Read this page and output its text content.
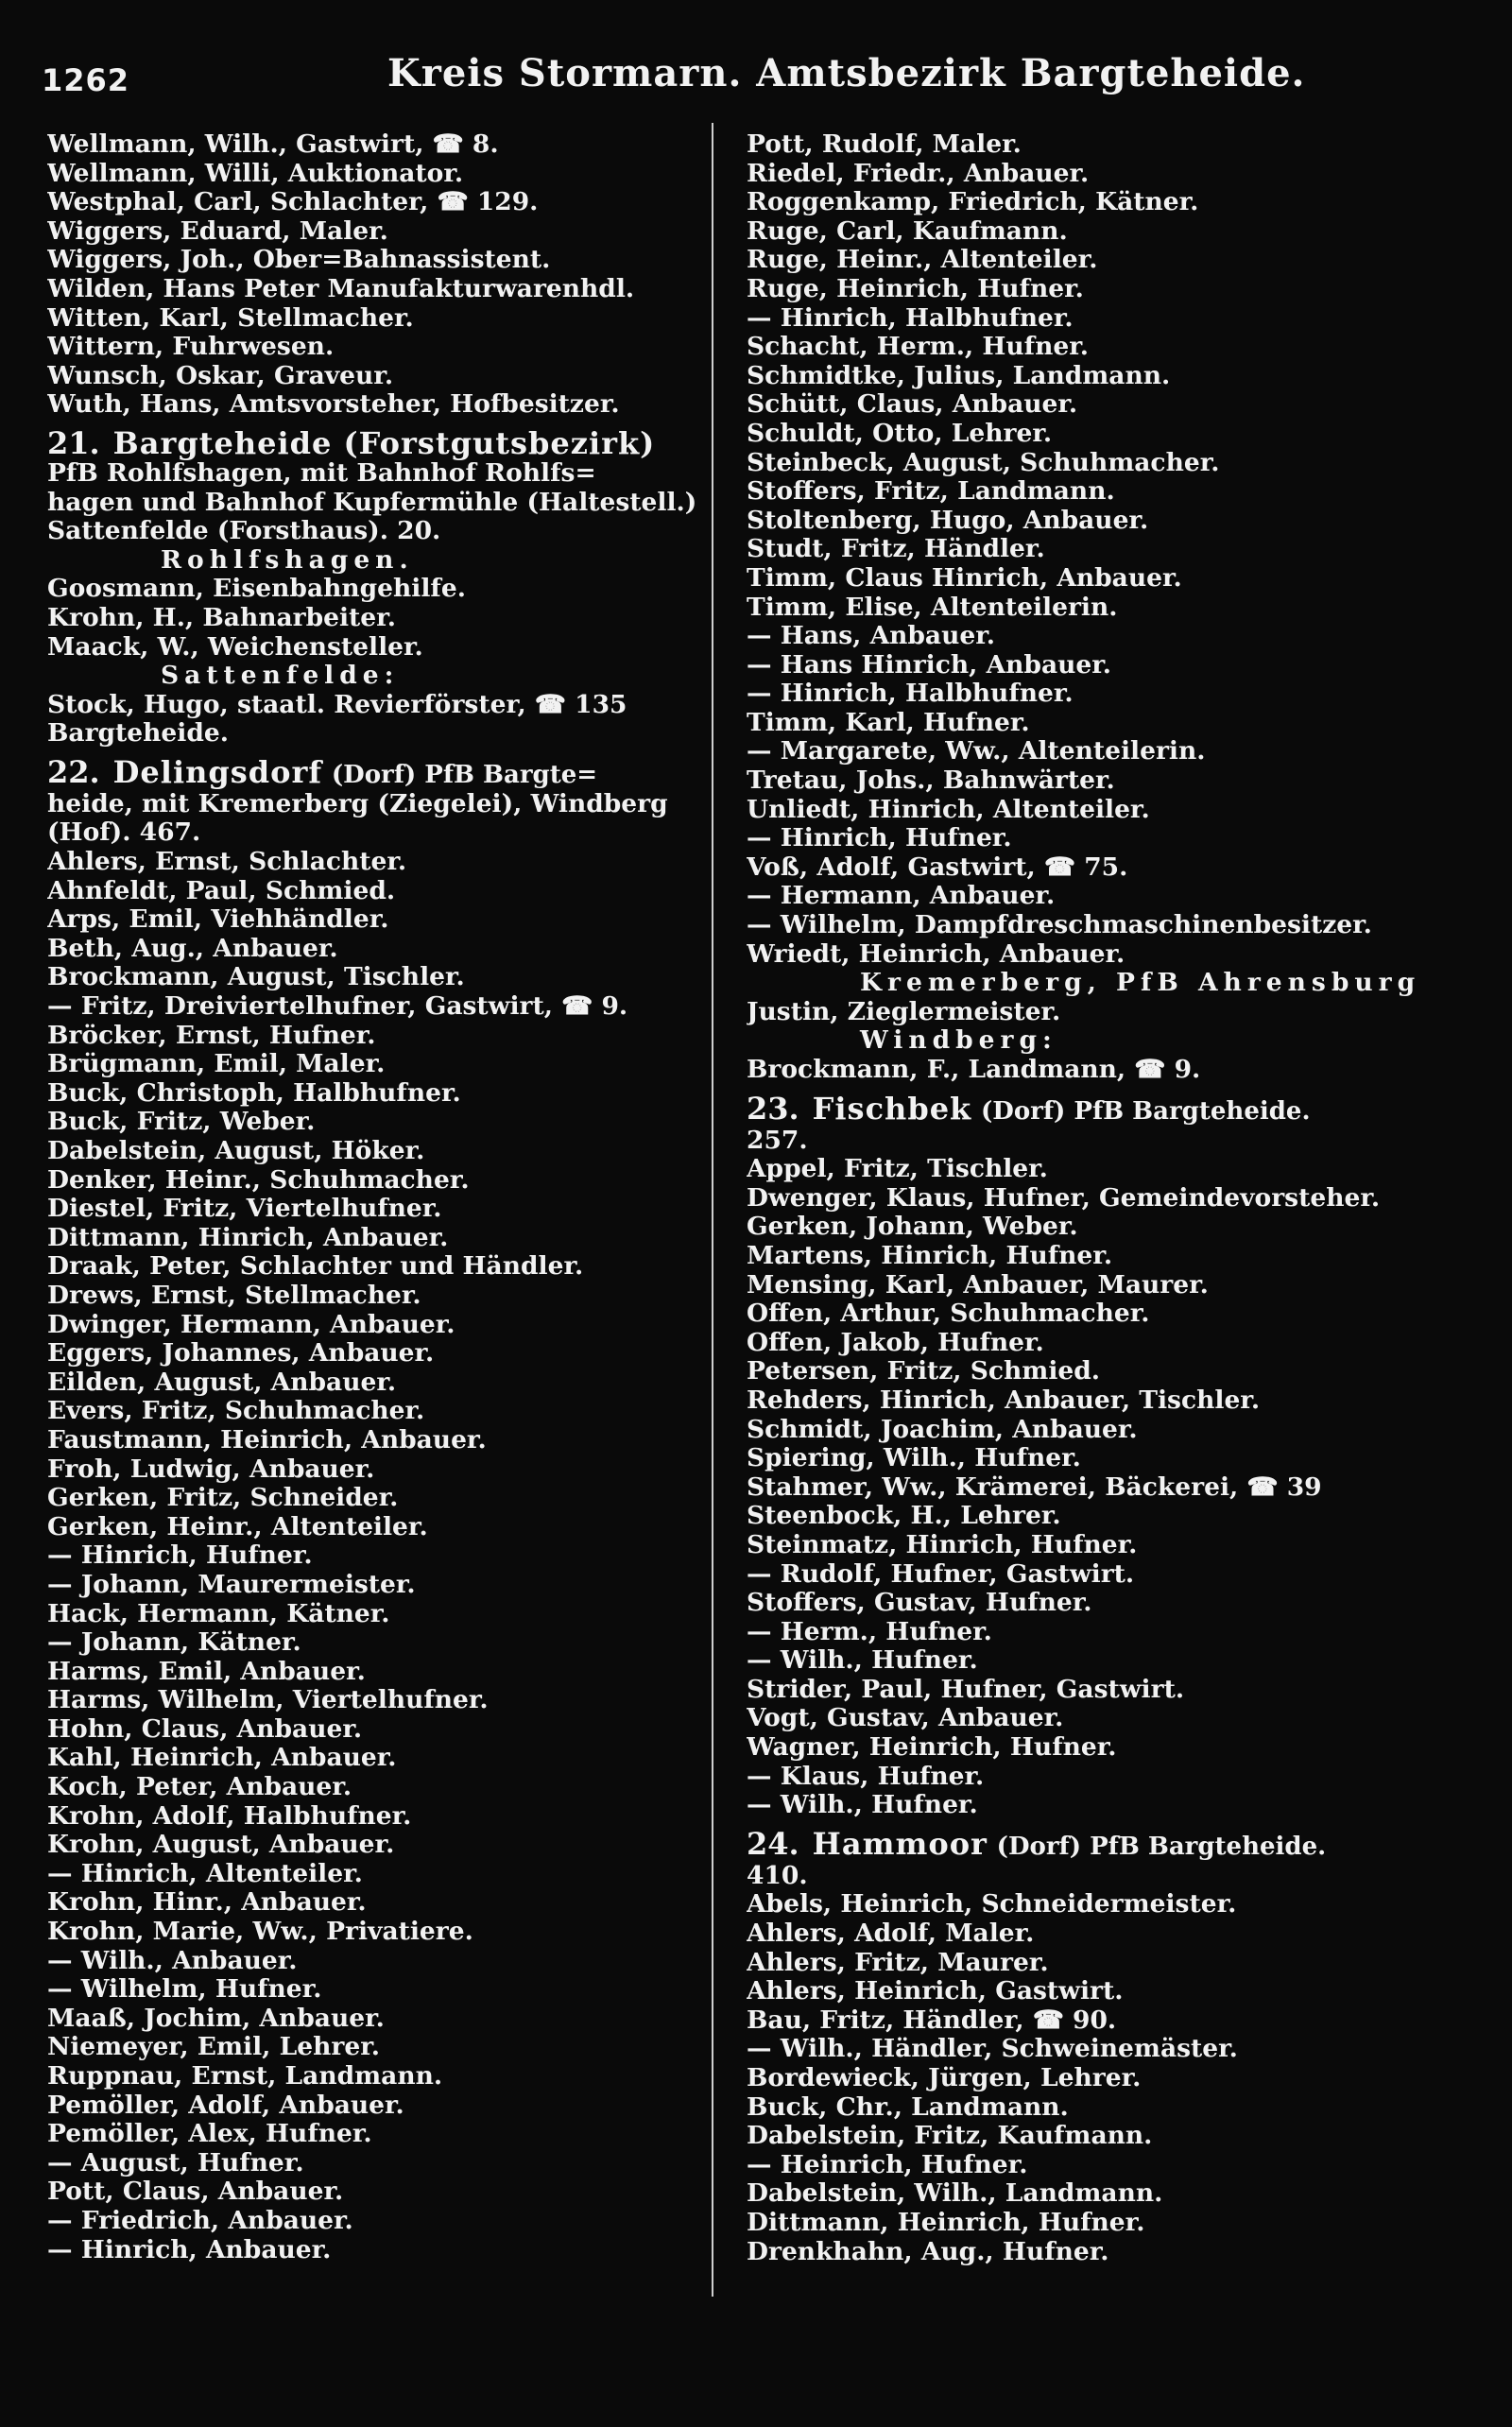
1262	Kreis Stormarn. Amtsbezirk Bargteheide.
Wellmann, Wilh., Gastwirt, ☎ 8.
Wellmann, Willi, Auktionator.
Westphal, Carl, Schlachter, ☎ 129.
Wiggers, Eduard, Maler.
Wiggers, Joh., Ober=Bahnassistent.
Wilden, Hans Peter Manufakturwarenhdl.
Witten, Karl, Stellmacher.
Wittern, Fuhrwesen.
Wunsch, Oskar, Graveur.
Wuth, Hans, Amtsvorsteher, Hofbesitzer.
21. Bargteheide (Forstgutsbezirk)
PfB Rohlfshagen, mit Bahnhof Rohlfs=
hagen und Bahnhof Kupfermühle (Haltestell.)
Sattenfelde (Forsthaus). 20.
Rohlfshagen.
Goosmann, Eisenbahngehilfe.
Krohn, H., Bahnarbeiter.
Maack, W., Weichensteller.
Sattenfelde:
Stock, Hugo, staatl. Revierförster, ☎ 135
Bargteheide.
22. Delingsdorf (Dorf) PfB Bargte=
heide, mit Kremerberg (Ziegelei), Windberg
(Hof). 467.
Ahlers, Ernst, Schlachter.
Ahnfeldt, Paul, Schmied.
Arps, Emil, Viehhändler.
Beth, Aug., Anbauer.
Brockmann, August, Tischler.
— Fritz, Dreiviertelhufner, Gastwirt, ☎ 9.
Bröcker, Ernst, Hufner.
Brügmann, Emil, Maler.
Buck, Christoph, Halbhufner.
Buck, Fritz, Weber.
Dabelstein, August, Höker.
Denker, Heinr., Schuhmacher.
Diestel, Fritz, Viertelhufner.
Dittmann, Hinrich, Anbauer.
Draak, Peter, Schlachter und Händler.
Drews, Ernst, Stellmacher.
Dwinger, Hermann, Anbauer.
Eggers, Johannes, Anbauer.
Eilden, August, Anbauer.
Evers, Fritz, Schuhmacher.
Faustmann, Heinrich, Anbauer.
Froh, Ludwig, Anbauer.
Gerken, Fritz, Schneider.
Gerken, Heinr., Altenteiler.
— Hinrich, Hufner.
— Johann, Maurermeister.
Hack, Hermann, Kätner.
— Johann, Kätner.
Harms, Emil, Anbauer.
Harms, Wilhelm, Viertelhufner.
Hohn, Claus, Anbauer.
Kahl, Heinrich, Anbauer.
Koch, Peter, Anbauer.
Krohn, Adolf, Halbhufner.
Krohn, August, Anbauer.
— Hinrich, Altenteiler.
Krohn, Hinr., Anbauer.
Krohn, Marie, Ww., Privatiere.
— Wilh., Anbauer.
— Wilhelm, Hufner.
Maaß, Jochim, Anbauer.
Niemeyer, Emil, Lehrer.
Ruppnau, Ernst, Landmann.
Pemöller, Adolf, Anbauer.
Pemöller, Alex, Hufner.
— August, Hufner.
Pott, Claus, Anbauer.
— Friedrich, Anbauer.
— Hinrich, Anbauer.
Pott, Rudolf, Maler.
Riedel, Friedr., Anbauer.
Roggenkamp, Friedrich, Kätner.
Ruge, Carl, Kaufmann.
Ruge, Heinr., Altenteiler.
Ruge, Heinrich, Hufner.
— Hinrich, Halbhufner.
Schacht, Herm., Hufner.
Schmidtke, Julius, Landmann.
Schütt, Claus, Anbauer.
Schuldt, Otto, Lehrer.
Steinbeck, August, Schuhmacher.
Stoffers, Fritz, Landmann.
Stoltenberg, Hugo, Anbauer.
Studt, Fritz, Händler.
Timm, Claus Hinrich, Anbauer.
Timm, Elise, Altenteilerin.
— Hans, Anbauer.
— Hans Hinrich, Anbauer.
— Hinrich, Halbhufner.
Timm, Karl, Hufner.
— Margarete, Ww., Altenteilerin.
Tretau, Johs., Bahnwärter.
Unliedt, Hinrich, Altenteiler.
— Hinrich, Hufner.
Voß, Adolf, Gastwirt, ☎ 75.
— Hermann, Anbauer.
— Wilhelm, Dampfdreschmaschinenbesitzer.
Wriedt, Heinrich, Anbauer.
Kremerberg, PfB Ahrensburg
Justin, Zieglermeister.
Windberg:
Brockmann, F., Landmann, ☎ 9.
23. Fischbek (Dorf) PfB Bargteheide.
257.
Appel, Fritz, Tischler.
Dwenger, Klaus, Hufner, Gemeindevorsteher.
Gerken, Johann, Weber.
Martens, Hinrich, Hufner.
Mensing, Karl, Anbauer, Maurer.
Offen, Arthur, Schuhmacher.
Offen, Jakob, Hufner.
Petersen, Fritz, Schmied.
Rehders, Hinrich, Anbauer, Tischler.
Schmidt, Joachim, Anbauer.
Spiering, Wilh., Hufner.
Stahmer, Ww., Krämerei, Bäckerei, ☎ 39
Steenbock, H., Lehrer.
Steinmatz, Hinrich, Hufner.
— Rudolf, Hufner, Gastwirt.
Stoffers, Gustav, Hufner.
— Herm., Hufner.
— Wilh., Hufner.
Strider, Paul, Hufner, Gastwirt.
Vogt, Gustav, Anbauer.
Wagner, Heinrich, Hufner.
— Klaus, Hufner.
— Wilh., Hufner.
24. Hammoor (Dorf) PfB Bargteheide.
410.
Abels, Heinrich, Schneidermeister.
Ahlers, Adolf, Maler.
Ahlers, Fritz, Maurer.
Ahlers, Heinrich, Gastwirt.
Bau, Fritz, Händler, ☎ 90.
— Wilh., Händler, Schweinemäster.
Bordewieck, Jürgen, Lehrer.
Buck, Chr., Landmann.
Dabelstein, Fritz, Kaufmann.
— Heinrich, Hufner.
Dabelstein, Wilh., Landmann.
Dittmann, Heinrich, Hufner.
Drenkhahn, Aug., Hufner.
